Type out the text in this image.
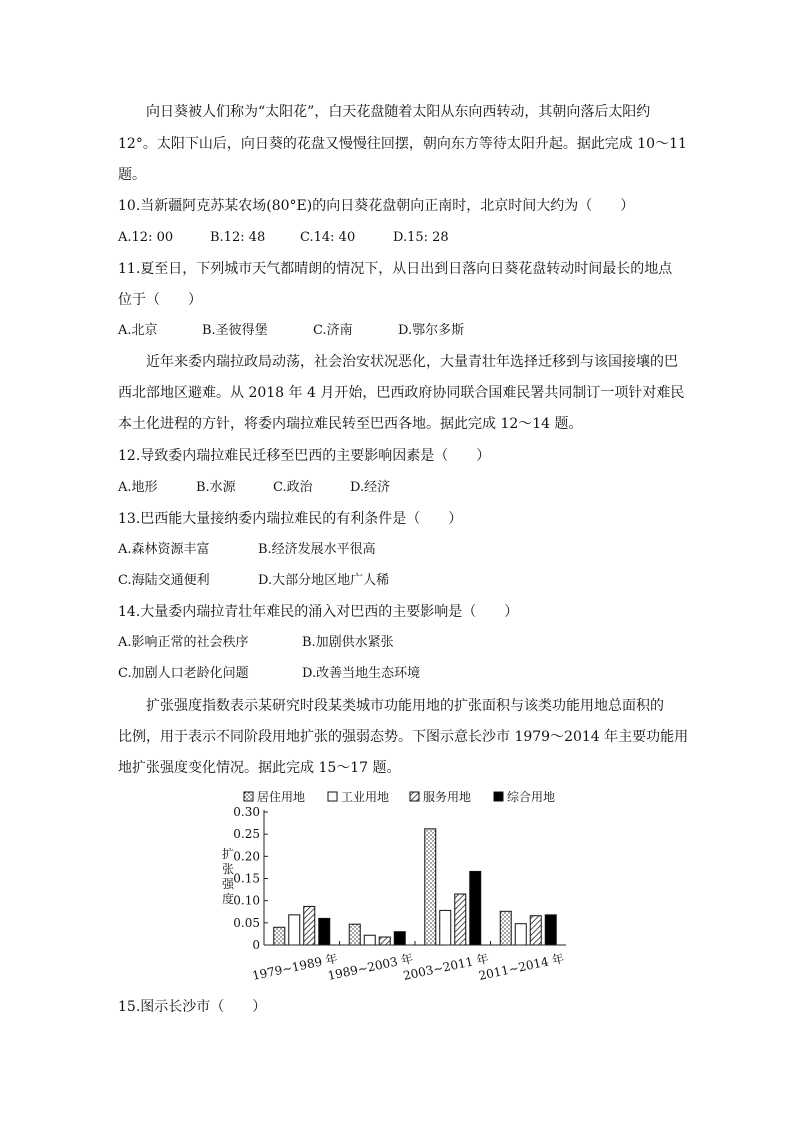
向日葵被人们称为“太阳花”，白天花盘随着太阳从东向西转动，其朝向落后太阳约
12°。太阳下山后，向日葵的花盘又慢慢往回摆，朝向东方等待太阳升起。据此完成 10～11
题。
10.当新疆阿克苏某农场(80°E)的向日葵花盘朝向正南时，北京时间大约为（　　）
A.12: 00	B.12: 48	C.14: 40	D.15: 28
11.夏至日，下列城市天气都晴朗的情况下，从日出到日落向日葵花盘转动时间最长的地点
位于（　　）
A.北京	B.圣彼得堡	C.济南	D.鄂尔多斯
近年来委内瑞拉政局动荡，社会治安状况恶化，大量青壮年选择迁移到与该国接壤的巴
西北部地区避难。从 2018 年 4 月开始，巴西政府协同联合国难民署共同制订一项针对难民
本土化进程的方针，将委内瑞拉难民转至巴西各地。据此完成 12～14 题。
12.导致委内瑞拉难民迁移至巴西的主要影响因素是（　　）
A.地形	B.水源	C.政治	D.经济
13.巴西能大量接纳委内瑞拉难民的有利条件是（　　）
A.森林资源丰富	B.经济发展水平很高
C.海陆交通便利	D.大部分地区地广人稀
14.大量委内瑞拉青壮年难民的涌入对巴西的主要影响是（　　）
A.影响正常的社会秩序	B.加剧供水紧张
C.加剧人口老龄化问题	D.改善当地生态环境
扩张强度指数表示某研究时段某类城市功能用地的扩张面积与该类功能用地总面积的
比例，用于表示不同阶段用地扩张的强弱态势。下图示意长沙市 1979～2014 年主要功能用
地扩张强度变化情况。据此完成 15～17 题。
居住用地	工业用地	服务用地	综合用地
0
0.05
0.10
0.15
0.20
0.25
0.30
扩
张
强
度
1979~1989 年
1989~2003 年
2003~2011 年
2011~2014 年
15.图示长沙市（　　）
